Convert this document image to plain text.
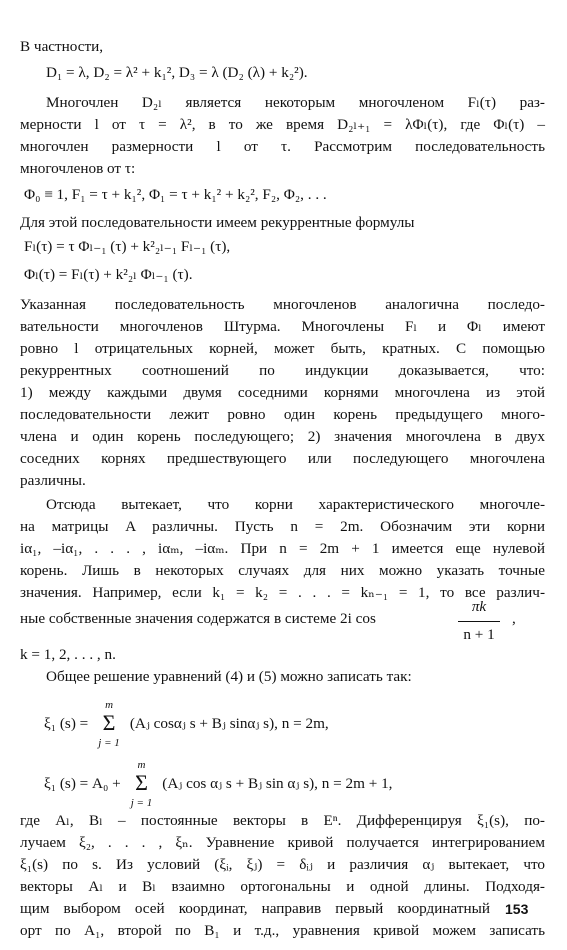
В частности,
D₁ = λ, D₂ = λ² + k₁², D₃ = λ (D₂ (λ) + k₂²).
Многочлен D₂ₗ является некоторым многочленом Fₗ(τ) раз-
мерности l от τ = λ², в то же время D₂ₗ₊₁ = λΦₗ(τ), где Φₗ(τ) –
многочлен размерности l от τ. Рассмотрим последовательность
многочленов от τ:
Φ₀ ≡ 1, F₁ = τ + k₁², Φ₁ = τ + k₁² + k₂², F₂, Φ₂, . . .
Для этой последовательности имеем рекуррентные формулы
Fₗ(τ) = τ Φₗ₋₁ (τ) + k²₂ₗ₋₁ Fₗ₋₁ (τ),
Φₗ(τ) = Fₗ(τ) + k²₂ₗ Φₗ₋₁ (τ).
Указанная последовательность многочленов аналогична последо-
вательности многочленов Штурма. Многочлены Fₗ и Φₗ имеют
ровно l отрицательных корней, может быть, кратных. С помощью
рекуррентных соотношений по индукции доказывается, что:
1) между каждыми двумя соседними корнями многочлена из этой
последовательности лежит ровно один корень предыдущего много-
члена и один корень последующего; 2) значения многочлена в двух
соседних корнях предшествующего или последующего многочлена
различны.
Отсюда вытекает, что корни характеристического многочле-
на матрицы A различны. Пусть n = 2m. Обозначим эти корни
iα₁, –iα₁, . . . , iαₘ, –iαₘ. При n = 2m + 1 имеется еще нулевой
корень. Лишь в некоторых случаях для них можно указать точные
значения. Например, если k₁ = k₂ = . . . = kₙ₋₁ = 1, то все различ-
ные собственные значения содержатся в системе 2i cos
πk
n + 1
,
k = 1, 2, . . . , n.
Общее решение уравнений (4) и (5) можно записать так:
ξ₁ (s) =
m
Σ
j = 1
(Aⱼ cosαⱼ s + Bⱼ sinαⱼ s), n = 2m,
ξ₁ (s) = A₀ +
m
Σ
j = 1
(Aⱼ cos αⱼ s + Bⱼ sin αⱼ s), n = 2m + 1,
где Aₗ, Bₗ – постоянные векторы в Eⁿ. Дифференцируя ξ₁(s), по-
лучаем ξ₂, . . . , ξₙ. Уравнение кривой получается интегрированием
ξ₁(s) по s. Из условий (ξᵢ, ξⱼ) = δᵢⱼ и различия αⱼ вытекает, что
векторы Aₗ и Bₗ взаимно ортогональны и одной длины. Подходя-
щим выбором осей координат, направив первый координатный
орт по A₁, второй по B₁ и т.д., уравнения кривой можем записать
153
